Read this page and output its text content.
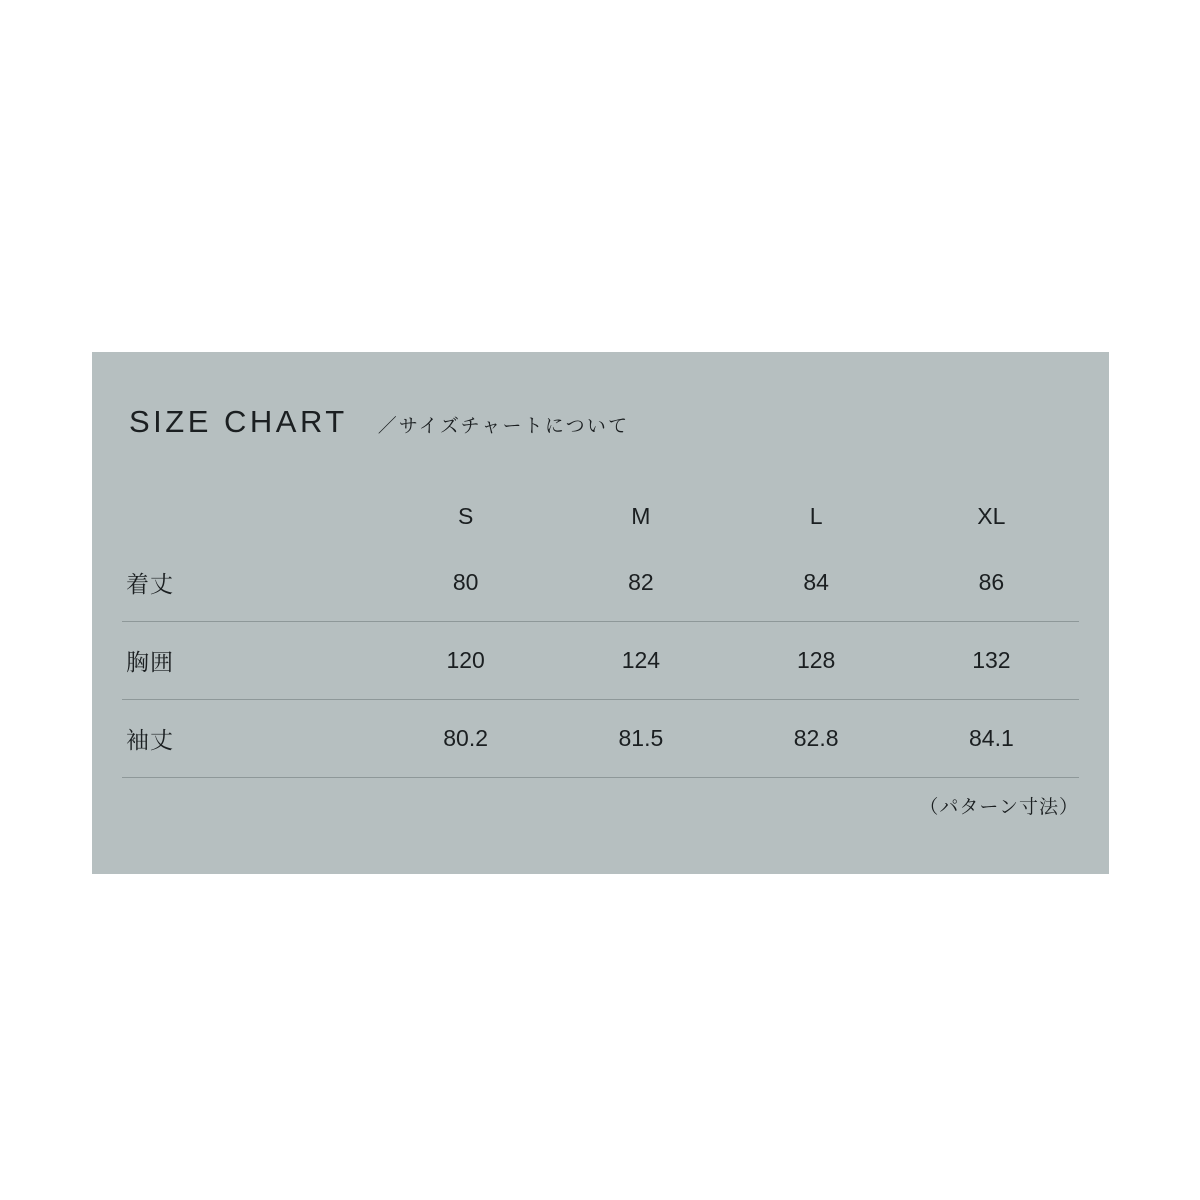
SIZE CHART ／サイズチャートについて
	S	M	L	XL
着丈	80	82	84	86
胸囲	120	124	128	132
袖丈	80.2	81.5	82.8	84.1
（パターン寸法）
